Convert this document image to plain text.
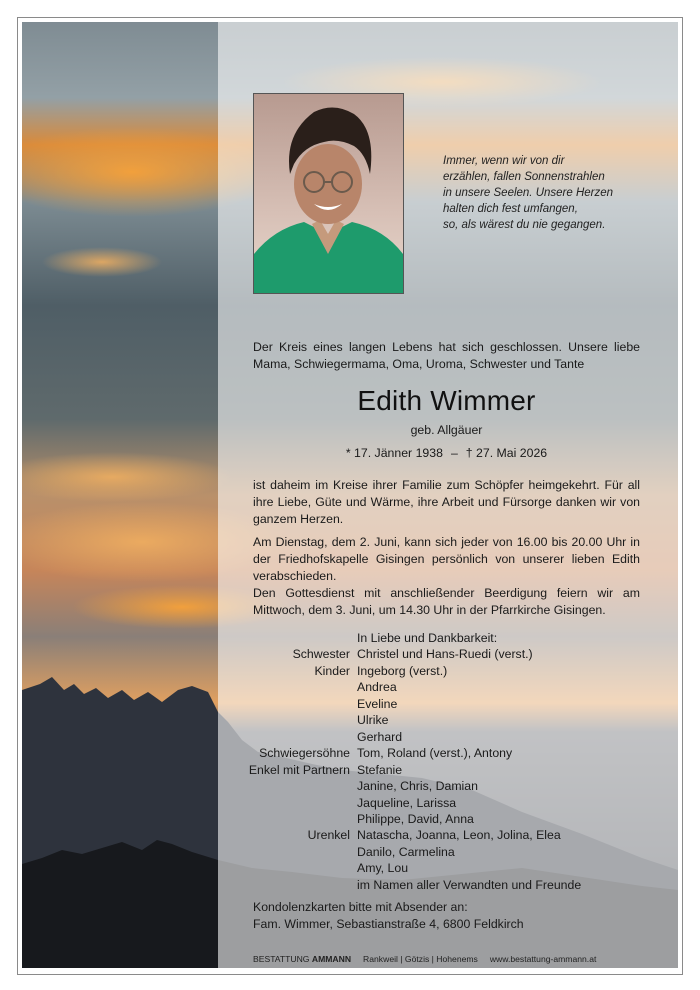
Immer, wenn wir von dir
erzählen, fallen Sonnenstrahlen
in unsere Seelen. Unsere Herzen
halten dich fest umfangen,
so, als wärest du nie gegangen.
Der Kreis eines langen Lebens hat sich geschlossen. Unsere liebe Mama, Schwiegermama, Oma, Uroma, Schwester und Tante
Edith Wimmer
geb. Allgäuer
* 17. Jänner 1938 – † 27. Mai 2026
ist daheim im Kreise ihrer Familie zum Schöpfer heimgekehrt. Für all ihre Liebe, Güte und Wärme, ihre Arbeit und Fürsorge danken wir von ganzem Herzen.

Am Dienstag, dem 2. Juni, kann sich jeder von 16.00 bis 20.00 Uhr in der Friedhofskapelle Gisingen persönlich von unserer lieben Edith verabschieden.

Den Gottesdienst mit anschließender Beerdigung feiern wir am Mittwoch, dem 3. Juni, um 14.30 Uhr in der Pfarrkirche Gisingen.

In Liebe und Dankbarkeit:
Schwester Christel und Hans-Ruedi (verst.)
Kinder Ingeborg (verst.)
Andrea
Eveline
Ulrike
Gerhard
Schwiegersöhne Tom, Roland (verst.), Antony
Enkel mit Partnern Stefanie
Janine, Chris, Damian
Jaqueline, Larissa
Philippe, David, Anna
Urenkel Natascha, Joanna, Leon, Jolina, Elea
Danilo, Carmelina
Amy, Lou
im Namen aller Verwandten und Freunde
Kondolenzkarten bitte mit Absender an:
Fam. Wimmer, Sebastianstraße 4, 6800 Feldkirch
BESTATTUNG AMMANN Rankweil | Götzis | Hohenems www.bestattung-ammann.at
